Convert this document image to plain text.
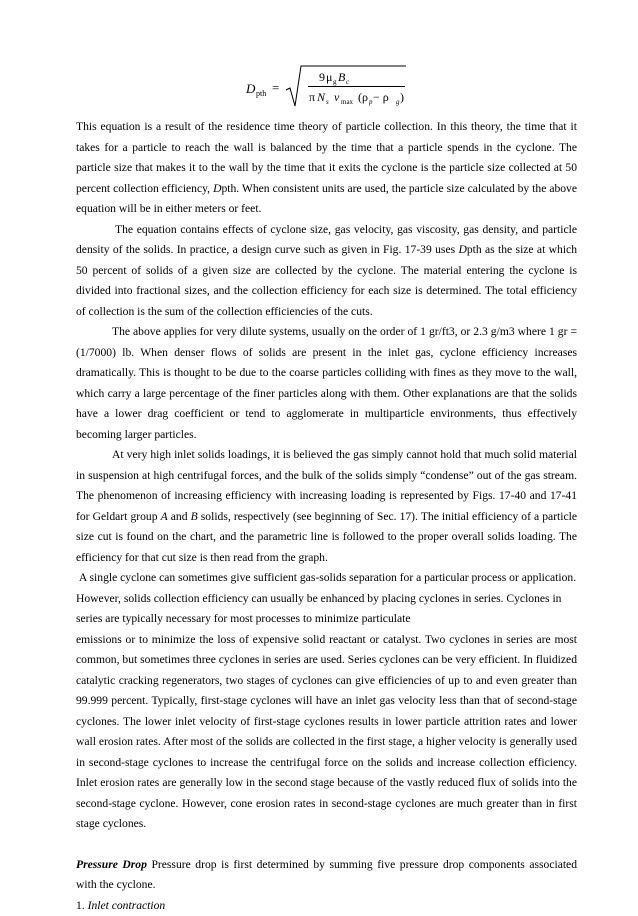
D pth =
9 μ g B c
π N s v max (ρ p − ρ g )

This equation is a result of the residence time theory of particle collection. In this theory, the time that it takes for a particle to reach the wall is balanced by the time that a particle spends in the cyclone. The particle size that makes it to the wall by the time that it exits the cyclone is the particle size collected at 50 percent collection efficiency, Dpth. When consistent units are used, the particle size calculated by the above equation will be in either meters or feet.

The equation contains effects of cyclone size, gas velocity, gas viscosity, gas density, and particle density of the solids. In practice, a design curve such as given in Fig. 17-39 uses Dpth as the size at which 50 percent of solids of a given size are collected by the cyclone. The material entering the cyclone is divided into fractional sizes, and the collection efficiency for each size is determined. The total efficiency of collection is the sum of the collection efficiencies of the cuts.

The above applies for very dilute systems, usually on the order of 1 gr/ft3, or 2.3 g/m3 where 1 gr = (1/7000) lb. When denser flows of solids are present in the inlet gas, cyclone efficiency increases dramatically. This is thought to be due to the coarse particles colliding with fines as they move to the wall, which carry a large percentage of the finer particles along with them. Other explanations are that the solids have a lower drag coefficient or tend to agglomerate in multiparticle environments, thus effectively becoming larger particles.

At very high inlet solids loadings, it is believed the gas simply cannot hold that much solid material in suspension at high centrifugal forces, and the bulk of the solids simply “condense” out of the gas stream. The phenomenon of increasing efficiency with increasing loading is represented by Figs. 17-40 and 17-41 for Geldart group A and B solids, respectively (see beginning of Sec. 17). The initial efficiency of a particle size cut is found on the chart, and the parametric line is followed to the proper overall solids loading. The efficiency for that cut size is then read from the graph.

A single cyclone can sometimes give sufficient gas-solids separation for a particular process or application. However, solids collection efficiency can usually be enhanced by placing cyclones in series. Cyclones in series are typically necessary for most processes to minimize particulate

emissions or to minimize the loss of expensive solid reactant or catalyst. Two cyclones in series are most common, but sometimes three cyclones in series are used. Series cyclones can be very efficient. In fluidized catalytic cracking regenerators, two stages of cyclones can give efficiencies of up to and even greater than 99.999 percent. Typically, first-stage cyclones will have an inlet gas velocity less than that of second-stage cyclones. The lower inlet velocity of first-stage cyclones results in lower particle attrition rates and lower wall erosion rates. After most of the solids are collected in the first stage, a higher velocity is generally used in second-stage cyclones to increase the centrifugal force on the solids and increase collection efficiency. Inlet erosion rates are generally low in the second stage because of the vastly reduced flux of solids into the second-stage cyclone. However, cone erosion rates in second-stage cyclones are much greater than in first stage cyclones.

Pressure Drop Pressure drop is first determined by summing five pressure drop components associated with the cyclone.

1. Inlet contraction
